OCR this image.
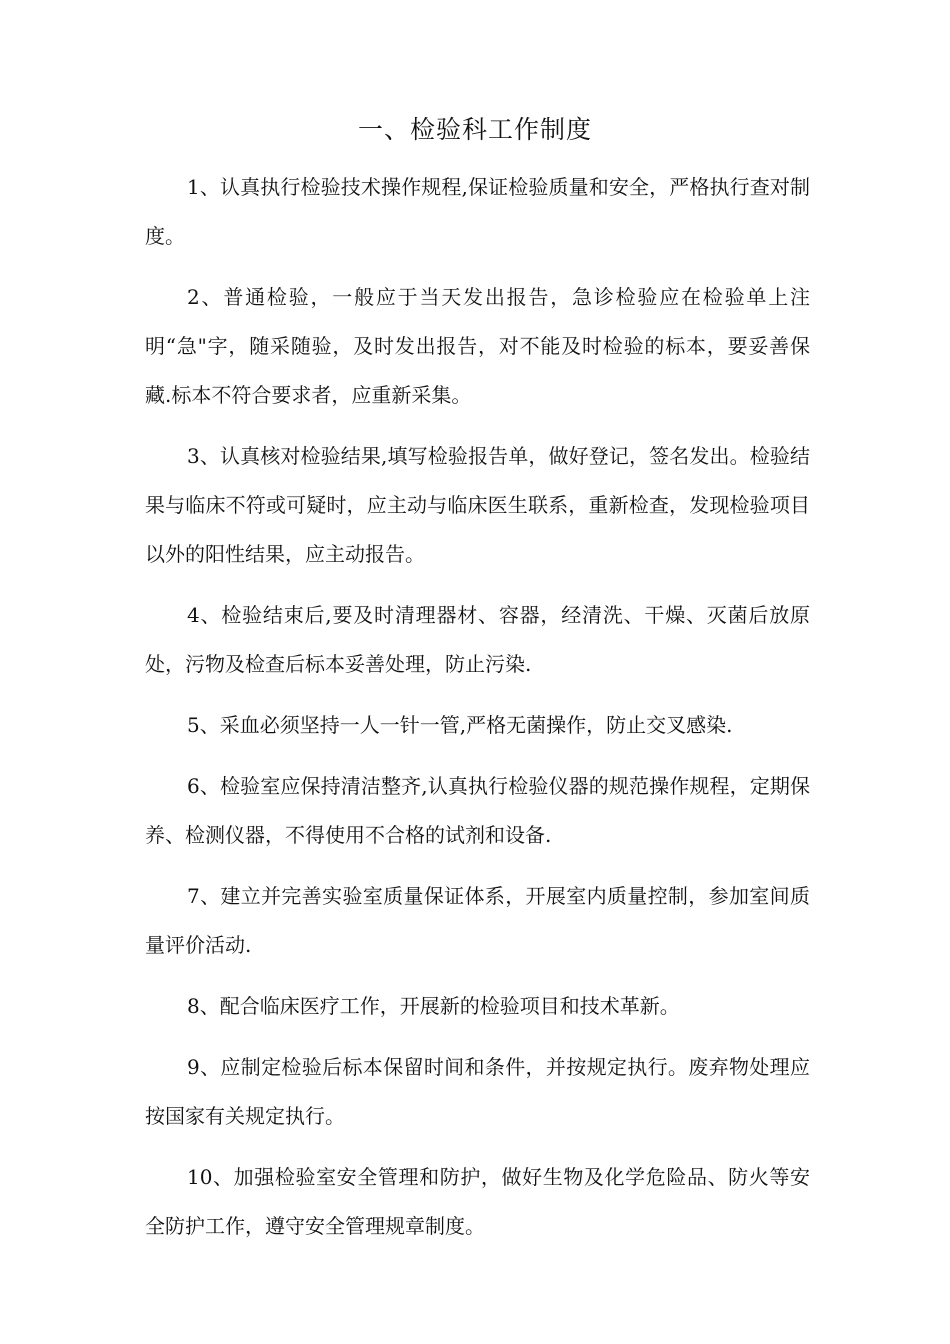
一、检验科工作制度

1、认真执行检验技术操作规程,保证检验质量和安全，严格执行查对制度。

2、普通检验，一般应于当天发出报告，急诊检验应在检验单上注明“急"字，随采随验，及时发出报告，对不能及时检验的标本，要妥善保藏.标本不符合要求者，应重新采集。

3、认真核对检验结果,填写检验报告单，做好登记，签名发出。检验结果与临床不符或可疑时，应主动与临床医生联系，重新检查，发现检验项目以外的阳性结果，应主动报告。

4、检验结束后,要及时清理器材、容器，经清洗、干燥、灭菌后放原处，污物及检查后标本妥善处理，防止污染.

5、采血必须坚持一人一针一管,严格无菌操作，防止交叉感染.

6、检验室应保持清洁整齐,认真执行检验仪器的规范操作规程，定期保养、检测仪器，不得使用不合格的试剂和设备.

7、建立并完善实验室质量保证体系，开展室内质量控制，参加室间质量评价活动.

8、配合临床医疗工作，开展新的检验项目和技术革新。

9、应制定检验后标本保留时间和条件，并按规定执行。废弃物处理应按国家有关规定执行。

10、加强检验室安全管理和防护，做好生物及化学危险品、防火等安全防护工作，遵守安全管理规章制度。
